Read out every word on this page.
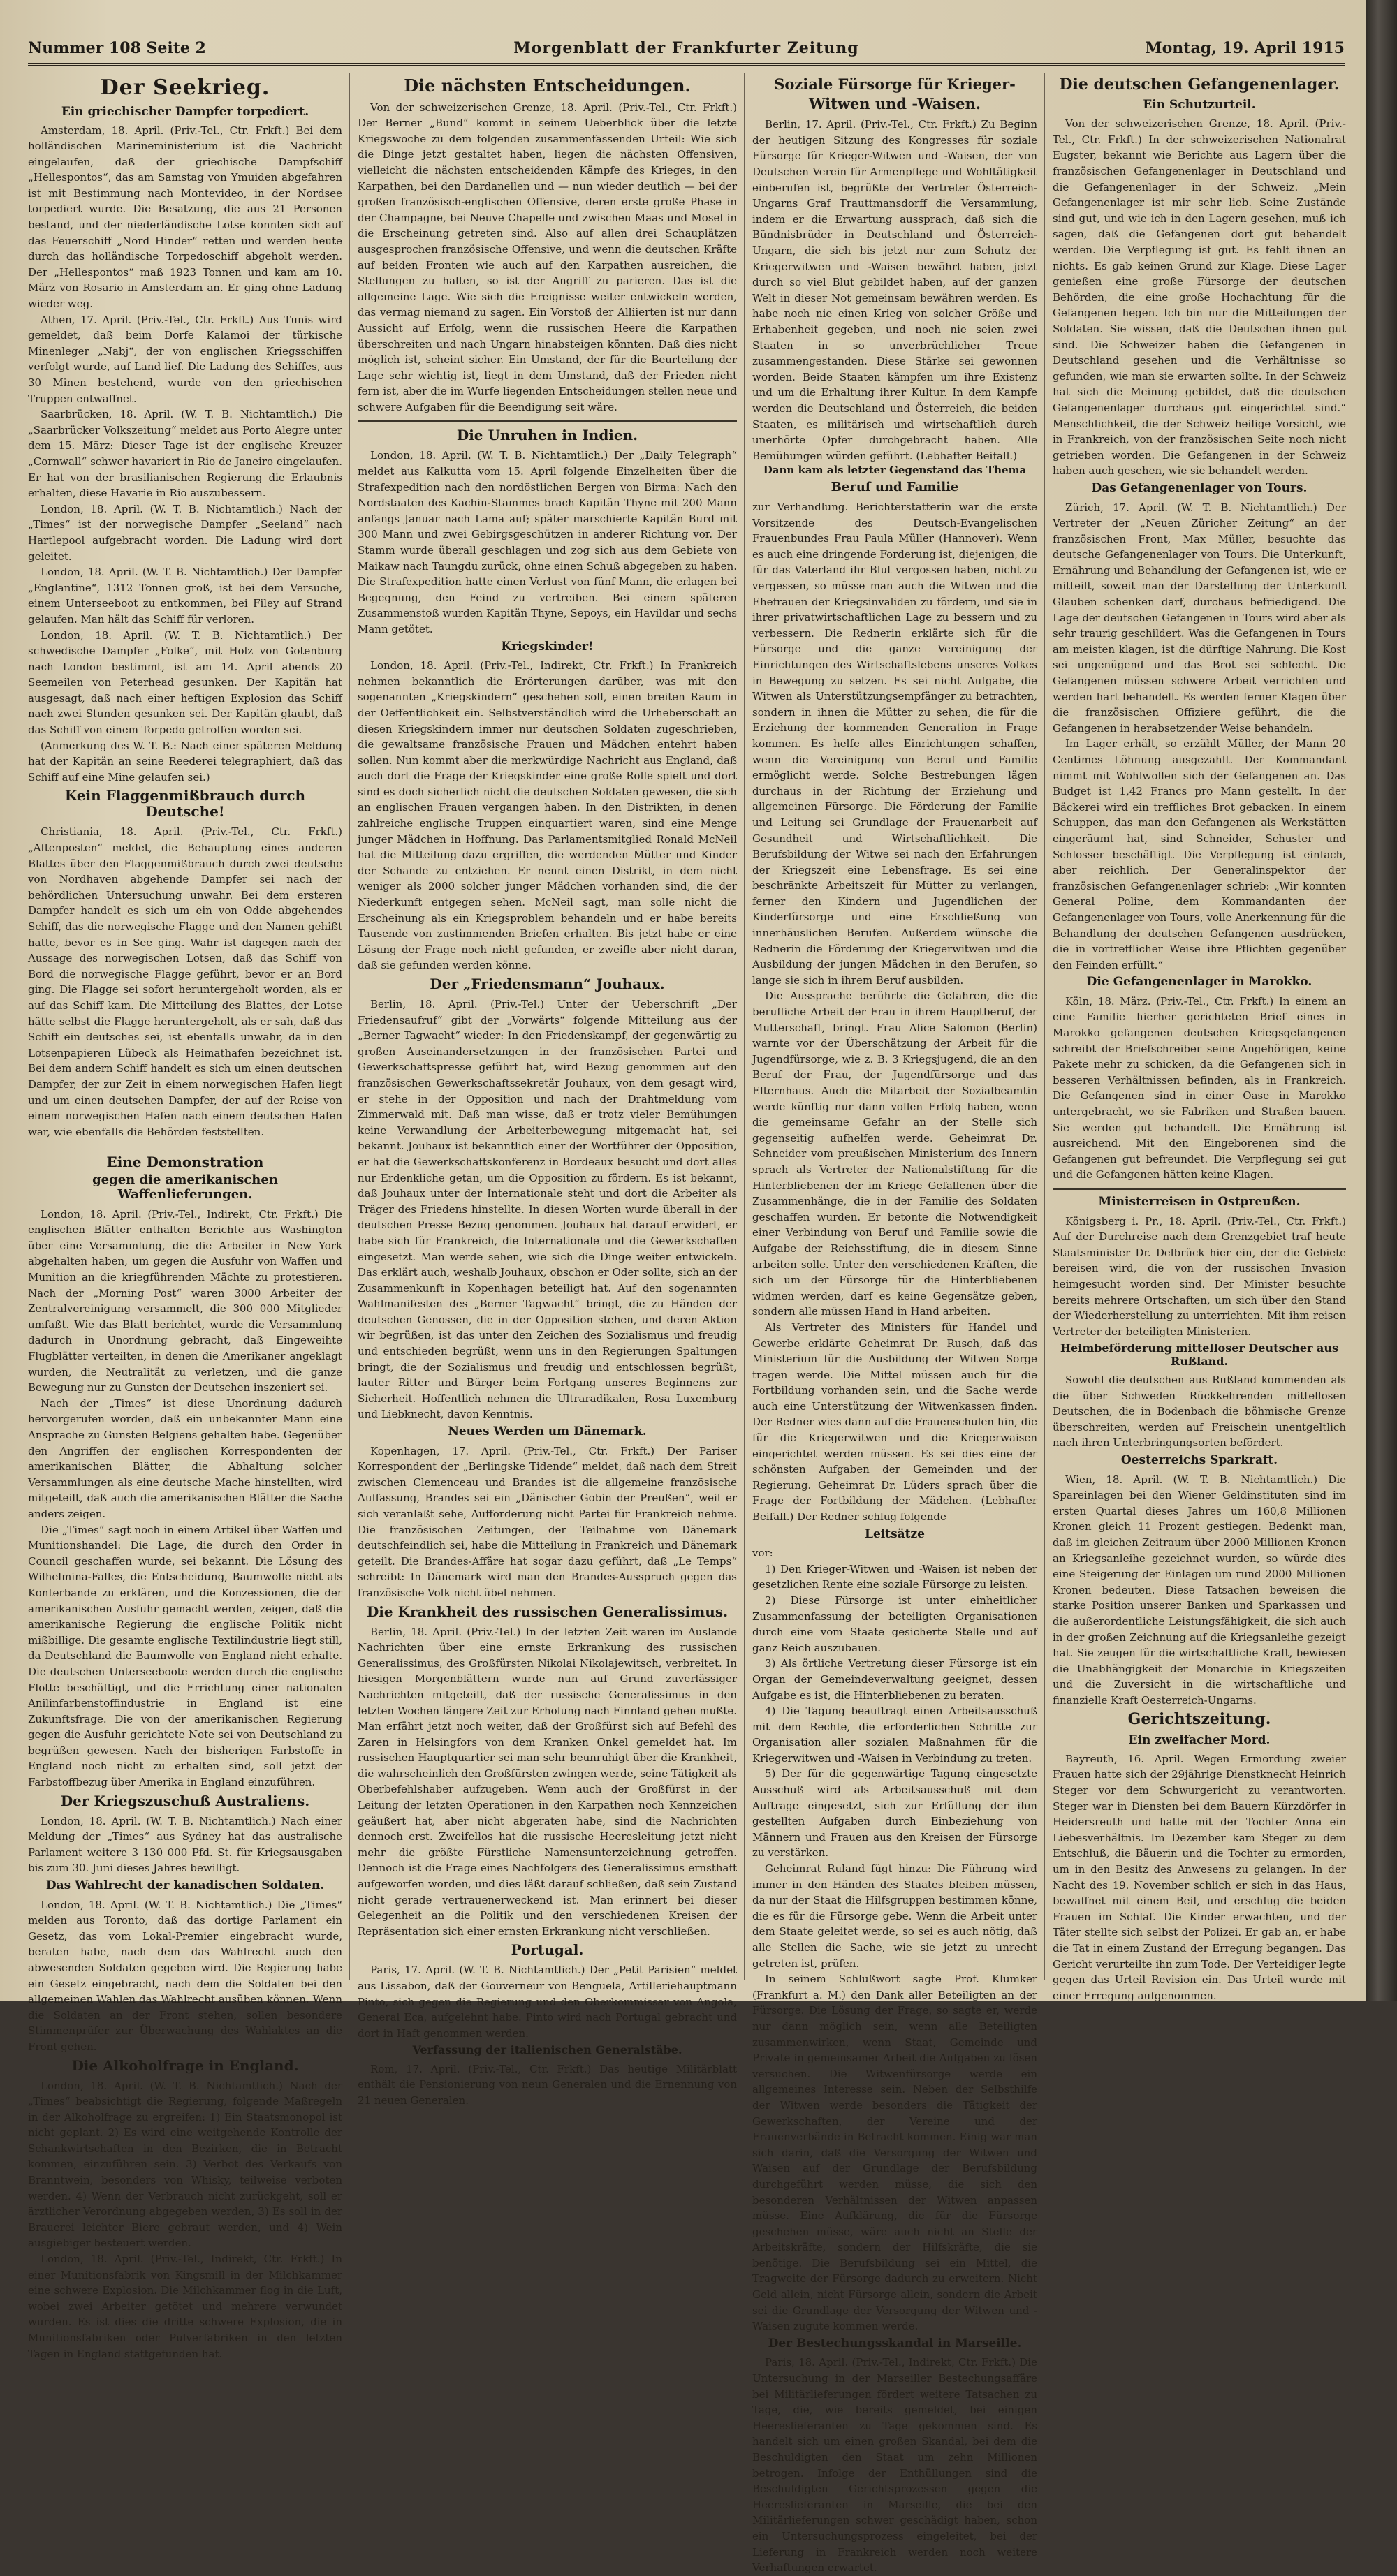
Nummer 108 Seite 2	Morgenblatt der Frankfurter Zeitung	Montag, 19. April 1915
Der Seekrieg.
Ein griechischer Dampfer torpediert.

Amsterdam, 18. April. (Priv.-Tel., Ctr. Frkft.) Bei dem holländischen Marineministerium ist die Nachricht eingelaufen, daß der griechische Dampfschiff „Hellespontos“, das am Samstag von Ymuiden abgefahren ist mit Bestimmung nach Montevideo, in der Nordsee torpediert wurde. Die Besatzung, die aus 21 Personen bestand, und der niederländische Lotse konnten sich auf das Feuerschiff „Nord Hinder“ retten und werden heute durch das holländische Torpedoschiff abgeholt werden. Der „Hellespontos“ maß 1923 Tonnen und kam am 10. März von Rosario in Amsterdam an. Er ging ohne Ladung wieder weg.

Athen, 17. April. (Priv.-Tel., Ctr. Frkft.) Aus Tunis wird gemeldet, daß beim Dorfe Kalamoi der türkische Minenleger „Nabj“, der von englischen Kriegsschiffen verfolgt wurde, auf Land lief. Die Ladung des Schiffes, aus 30 Minen bestehend, wurde von den griechischen Truppen entwaffnet.

Saarbrücken, 18. April. (W. T. B. Nichtamtlich.) Die „Saarbrücker Volkszeitung“ meldet aus Porto Alegre unter dem 15. März: Dieser Tage ist der englische Kreuzer „Cornwall“ schwer havariert in Rio de Janeiro eingelaufen. Er hat von der brasilianischen Regierung die Erlaubnis erhalten, diese Havarie in Rio auszubessern.

London, 18. April. (W. T. B. Nichtamtlich.) Nach der „Times“ ist der norwegische Dampfer „Seeland“ nach Hartlepool aufgebracht worden. Die Ladung wird dort geleitet.

London, 18. April. (W. T. B. Nichtamtlich.) Der Dampfer „Englantine“, 1312 Tonnen groß, ist bei dem Versuche, einem Unterseeboot zu entkommen, bei Filey auf Strand gelaufen. Man hält das Schiff für verloren.

London, 18. April. (W. T. B. Nichtamtlich.) Der schwedische Dampfer „Folke“, mit Holz von Gotenburg nach London bestimmt, ist am 14. April abends 20 Seemeilen von Peterhead gesunken. Der Kapitän hat ausgesagt, daß nach einer heftigen Explosion das Schiff nach zwei Stunden gesunken sei. Der Kapitän glaubt, daß das Schiff von einem Torpedo getroffen worden sei.

(Anmerkung des W. T. B.: Nach einer späteren Meldung hat der Kapitän an seine Reederei telegraphiert, daß das Schiff auf eine Mine gelaufen sei.)

Kein Flaggenmißbrauch durch Deutsche!

Christiania, 18. April. (Priv.-Tel., Ctr. Frkft.) „Aftenposten“ meldet, die Behauptung eines anderen Blattes über den Flaggenmißbrauch durch zwei deutsche von Nordhaven abgehende Dampfer sei nach der behördlichen Untersuchung unwahr. Bei dem ersteren Dampfer handelt es sich um ein von Odde abgehendes Schiff, das die norwegische Flagge und den Namen gehißt hatte, bevor es in See ging. Wahr ist dagegen nach der Aussage des norwegischen Lotsen, daß das Schiff von Bord die norwegische Flagge geführt, bevor er an Bord ging. Die Flagge sei sofort heruntergeholt worden, als er auf das Schiff kam. Die Mitteilung des Blattes, der Lotse hätte selbst die Flagge heruntergeholt, als er sah, daß das Schiff ein deutsches sei, ist ebenfalls unwahr, da in den Lotsenpapieren Lübeck als Heimathafen bezeichnet ist. Bei dem andern Schiff handelt es sich um einen deutschen Dampfer, der zur Zeit in einem norwegischen Hafen liegt und um einen deutschen Dampfer, der auf der Reise von einem norwegischen Hafen nach einem deutschen Hafen war, wie ebenfalls die Behörden feststellten.

Eine Demonstration
gegen die amerikanischen Waffenlieferungen.

London, 18. April. (Priv.-Tel., Indirekt, Ctr. Frkft.) Die englischen Blätter enthalten Berichte aus Washington über eine Versammlung, die die Arbeiter in New York abgehalten haben, um gegen die Ausfuhr von Waffen und Munition an die kriegführenden Mächte zu protestieren. Nach der „Morning Post“ waren 3000 Arbeiter der Zentralvereinigung versammelt, die 300 000 Mitglieder umfaßt. Wie das Blatt berichtet, wurde die Versammlung dadurch in Unordnung gebracht, daß Eingeweihte Flugblätter verteilten, in denen die Amerikaner angeklagt wurden, die Neutralität zu verletzen, und die ganze Bewegung nur zu Gunsten der Deutschen inszeniert sei.

Nach der „Times“ ist diese Unordnung dadurch hervorgerufen worden, daß ein unbekannter Mann eine Ansprache zu Gunsten Belgiens gehalten habe. Gegenüber den Angriffen der englischen Korrespondenten der amerikanischen Blätter, die Abhaltung solcher Versammlungen als eine deutsche Mache hinstellten, wird mitgeteilt, daß auch die amerikanischen Blätter die Sache anders zeigen.

Die „Times“ sagt noch in einem Artikel über Waffen und Munitionshandel: Die Lage, die durch den Order in Council geschaffen wurde, sei bekannt. Die Lösung des Wilhelmina-Falles, die Entscheidung, Baumwolle nicht als Konterbande zu erklären, und die Konzessionen, die der amerikanischen Ausfuhr gemacht werden, zeigen, daß die amerikanische Regierung die englische Politik nicht mißbillige. Die gesamte englische Textilindustrie liegt still, da Deutschland die Baumwolle von England nicht erhalte. Die deutschen Unterseeboote werden durch die englische Flotte beschäftigt, und die Errichtung einer nationalen Anilinfarbenstoffindustrie in England ist eine Zukunftsfrage. Die von der amerikanischen Regierung gegen die Ausfuhr gerichtete Note sei von Deutschland zu begrüßen gewesen. Nach der bisherigen Farbstoffe in England noch nicht zu erhalten sind, soll jetzt der Farbstoffbezug über Amerika in England einzuführen.

Der Kriegszuschuß Australiens.

London, 18. April. (W. T. B. Nichtamtlich.) Nach einer Meldung der „Times“ aus Sydney hat das australische Parlament weitere 3 130 000 Pfd. St. für Kriegsausgaben bis zum 30. Juni dieses Jahres bewilligt.

Das Wahlrecht der kanadischen Soldaten.

London, 18. April. (W. T. B. Nichtamtlich.) Die „Times“ melden aus Toronto, daß das dortige Parlament ein Gesetz, das vom Lokal-Premier eingebracht wurde, beraten habe, nach dem das Wahlrecht auch den abwesenden Soldaten gegeben wird. Die Regierung habe ein Gesetz eingebracht, nach dem die Soldaten bei den allgemeinen Wahlen das Wahlrecht ausüben können. Wenn die Soldaten an der Front stehen, sollen besondere Stimmenprüfer zur Überwachung des Wahlaktes an die Front gehen.

Die Alkoholfrage in England.

London, 18. April. (W. T. B. Nichtamtlich.) Nach der „Times“ beabsichtigt die Regierung, folgende Maßregeln in der Alkoholfrage zu ergreifen: 1) Ein Staatsmonopol ist nicht geplant. 2) Es wird eine weitgehende Kontrolle der Schankwirtschaften in den Bezirken, die in Betracht kommen, einzuführen sein. 3) Verbot des Verkaufs von Branntwein, besonders von Whisky, teilweise verboten werden. 4) Wenn der Verbrauch nicht zurückgeht, soll er ärztlicher Verordnung abgegeben werden, 3) Es soll in der Brauerei leichter Biere gebraut werden, und 4) Wein ausgiebiger besteuert werden.

London, 18. April. (Priv.-Tel., Indirekt, Ctr. Frkft.) In einer Munitionsfabrik von Kingsmill in der Milchkammer eine schwere Explosion. Die Milchkammer flog in die Luft, wobei zwei Arbeiter getötet und mehrere verwundet wurden. Es ist dies die dritte schwere Explosion, die in Munitionsfabriken oder Pulverfabriken in den letzten Tagen in England stattgefunden hat.

Die nächsten Entscheidungen.

Von der schweizerischen Grenze, 18. April. (Priv.-Tel., Ctr. Frkft.) Der Berner „Bund“ kommt in seinem Ueberblick über die letzte Kriegswoche zu dem folgenden zusammenfassenden Urteil: Wie sich die Dinge jetzt gestaltet haben, liegen die nächsten Offensiven, vielleicht die nächsten entscheidenden Kämpfe des Krieges, in den Karpathen, bei den Dardanellen und — nun wieder deutlich — bei der großen französisch-englischen Offensive, deren erste große Phase in der Champagne, bei Neuve Chapelle und zwischen Maas und Mosel in die Erscheinung getreten sind. Also auf allen drei Schauplätzen ausgesprochen französische Offensive, und wenn die deutschen Kräfte auf beiden Fronten wie auch auf den Karpathen ausreichen, die Stellungen zu halten, so ist der Angriff zu parieren. Das ist die allgemeine Lage. Wie sich die Ereignisse weiter entwickeln werden, das vermag niemand zu sagen. Ein Vorstoß der Alliierten ist nur dann Aussicht auf Erfolg, wenn die russischen Heere die Karpathen überschreiten und nach Ungarn hinabsteigen könnten. Daß dies nicht möglich ist, scheint sicher. Ein Umstand, der für die Beurteilung der Lage sehr wichtig ist, liegt in dem Umstand, daß der Frieden nicht fern ist, aber die im Wurfe liegenden Entscheidungen stellen neue und schwere Aufgaben für die Beendigung seit wäre.

Die Unruhen in Indien.

London, 18. April. (W. T. B. Nichtamtlich.) Der „Daily Telegraph“ meldet aus Kalkutta vom 15. April folgende Einzelheiten über die Strafexpedition nach den nordöstlichen Bergen von Birma: Nach den Nordstaaten des Kachin-Stammes brach Kapitän Thyne mit 200 Mann anfangs Januar nach Lama auf; später marschierte Kapitän Burd mit 300 Mann und zwei Gebirgsgeschützen in anderer Richtung vor. Der Stamm wurde überall geschlagen und zog sich aus dem Gebiete von Maikaw nach Taungdu zurück, ohne einen Schuß abgegeben zu haben. Die Strafexpedition hatte einen Verlust von fünf Mann, die erlagen bei Begegnung, den Feind zu vertreiben. Bei einem späteren Zusammenstoß wurden Kapitän Thyne, Sepoys, ein Havildar und sechs Mann getötet.

Kriegskinder!

London, 18. April. (Priv.-Tel., Indirekt, Ctr. Frkft.) In Frankreich nehmen bekanntlich die Erörterungen darüber, was mit den sogenannten „Kriegskindern“ geschehen soll, einen breiten Raum in der Oeffentlichkeit ein. Selbstverständlich wird die Urheberschaft an diesen Kriegskindern immer nur deutschen Soldaten zugeschrieben, die gewaltsame französische Frauen und Mädchen entehrt haben sollen. Nun kommt aber die merkwürdige Nachricht aus England, daß auch dort die Frage der Kriegskinder eine große Rolle spielt und dort sind es doch sicherlich nicht die deutschen Soldaten gewesen, die sich an englischen Frauen vergangen haben. In den Distrikten, in denen zahlreiche englische Truppen einquartiert waren, sind eine Menge junger Mädchen in Hoffnung. Das Parlamentsmitglied Ronald McNeil hat die Mitteilung dazu ergriffen, die werdenden Mütter und Kinder der Schande zu entziehen. Er nennt einen Distrikt, in dem nicht weniger als 2000 solcher junger Mädchen vorhanden sind, die der Niederkunft entgegen sehen. McNeil sagt, man solle nicht die Erscheinung als ein Kriegsproblem behandeln und er habe bereits Tausende von zustimmenden Briefen erhalten. Bis jetzt habe er eine Lösung der Frage noch nicht gefunden, er zweifle aber nicht daran, daß sie gefunden werden könne.

Der „Friedensmann“ Jouhaux.

Berlin, 18. April. (Priv.-Tel.) Unter der Ueberschrift „Der Friedensaufruf“ gibt der „Vorwärts“ folgende Mitteilung aus der „Berner Tagwacht“ wieder: In den Friedenskampf, der gegenwärtig zu großen Auseinandersetzungen in der französischen Partei und Gewerkschaftspresse geführt hat, wird Bezug genommen auf den französischen Gewerkschaftssekretär Jouhaux, von dem gesagt wird, er stehe in der Opposition und nach der Drahtmeldung vom Zimmerwald mit. Daß man wisse, daß er trotz vieler Bemühungen keine Verwandlung der Arbeiterbewegung mitgemacht hat, sei bekannt. Jouhaux ist bekanntlich einer der Wortführer der Opposition, er hat die Gewerkschaftskonferenz in Bordeaux besucht und dort alles nur Erdenkliche getan, um die Opposition zu fördern. Es ist bekannt, daß Jouhaux unter der Internationale steht und dort die Arbeiter als Träger des Friedens hinstellte. In diesen Worten wurde überall in der deutschen Presse Bezug genommen. Jouhaux hat darauf erwidert, er habe sich für Frankreich, die Internationale und die Gewerkschaften eingesetzt. Man werde sehen, wie sich die Dinge weiter entwickeln. Das erklärt auch, weshalb Jouhaux, obschon er Oder sollte, sich an der Zusammenkunft in Kopenhagen beteiligt hat. Auf den sogenannten Wahlmanifesten des „Berner Tagwacht“ bringt, die zu Händen der deutschen Genossen, die in der Opposition stehen, und deren Aktion wir begrüßen, ist das unter den Zeichen des Sozialismus und freudig und entschieden begrüßt, wenn uns in den Regierungen Spaltungen bringt, die der Sozialismus und freudig und entschlossen begrüßt, lauter Ritter und Bürger beim Fortgang unseres Beginnens zur Sicherheit. Hoffentlich nehmen die Ultraradikalen, Rosa Luxemburg und Liebknecht, davon Kenntnis.

Neues Werden um Dänemark.

Kopenhagen, 17. April. (Priv.-Tel., Ctr. Frkft.) Der Pariser Korrespondent der „Berlingske Tidende“ meldet, daß nach dem Streit zwischen Clemenceau und Brandes ist die allgemeine französische Auffassung, Brandes sei ein „Dänischer Gobin der Preußen“, weil er sich veranlaßt sehe, Aufforderung nicht Partei für Frankreich nehme. Die französischen Zeitungen, der Teilnahme von Dänemark deutschfeindlich sei, habe die Mitteilung in Frankreich und Dänemark geteilt. Die Brandes-Affäre hat sogar dazu geführt, daß „Le Temps“ schreibt: In Dänemark wird man den Brandes-Ausspruch gegen das französische Volk nicht übel nehmen.

Die Krankheit des russischen Generalissimus.

Berlin, 18. April. (Priv.-Tel.) In der letzten Zeit waren im Auslande Nachrichten über eine ernste Erkrankung des russischen Generalissimus, des Großfürsten Nikolai Nikolajewitsch, verbreitet. In hiesigen Morgenblättern wurde nun auf Grund zuverlässiger Nachrichten mitgeteilt, daß der russische Generalissimus in den letzten Wochen längere Zeit zur Erholung nach Finnland gehen mußte. Man erfährt jetzt noch weiter, daß der Großfürst sich auf Befehl des Zaren in Helsingfors von dem Kranken Onkel gemeldet hat. Im russischen Hauptquartier sei man sehr beunruhigt über die Krankheit, die wahrscheinlich den Großfürsten zwingen werde, seine Tätigkeit als Oberbefehlshaber aufzugeben. Wenn auch der Großfürst in der Leitung der letzten Operationen in den Karpathen noch Kennzeichen geäußert hat, aber nicht abgeraten habe, sind die Nachrichten dennoch erst. Zweifellos hat die russische Heeresleitung jetzt nicht mehr die größte Fürstliche Namensunterzeichnung getroffen. Dennoch ist die Frage eines Nachfolgers des Generalissimus ernsthaft aufgeworfen worden, und dies läßt darauf schließen, daß sein Zustand nicht gerade vertrauenerweckend ist. Man erinnert bei dieser Gelegenheit an die Politik und den verschiedenen Kreisen der Repräsentation sich einer ernsten Erkrankung nicht verschließen.

Portugal.

Paris, 17. April. (W. T. B. Nichtamtlich.) Der „Petit Parisien“ meldet aus Lissabon, daß der Gouverneur von Benguela, Artilleriehauptmann Pinto, sich gegen die Regierung und den Oberkommissar von Angola, General Eca, aufgelehnt habe. Pinto wird nach Portugal gebracht und dort in Haft genommen werden.

Verfassung der italienischen Generalstäbe.

Rom, 17. April. (Priv.-Tel., Ctr. Frkft.) Das heutige Militärblatt enthält die Pensionierung von neun Generalen und die Ernennung von 21 neuen Generalen.

Soziale Fürsorge für Krieger-
Witwen und -Waisen.

Berlin, 17. April. (Priv.-Tel., Ctr. Frkft.) Zu Beginn der heutigen Sitzung des Kongresses für soziale Fürsorge für Krieger-Witwen und -Waisen, der von Deutschen Verein für Armenpflege und Wohltätigkeit einberufen ist, begrüßte der Vertreter Österreich-Ungarns Graf Trauttmansdorff die Versammlung, indem er die Erwartung aussprach, daß sich die Bündnisbrüder in Deutschland und Österreich-Ungarn, die sich bis jetzt nur zum Schutz der Kriegerwitwen und -Waisen bewährt haben, jetzt durch so viel Blut gebildet haben, auf der ganzen Welt in dieser Not gemeinsam bewähren werden. Es habe noch nie einen Krieg von solcher Größe und Erhabenheit gegeben, und noch nie seien zwei Staaten in so unverbrüchlicher Treue zusammengestanden. Diese Stärke sei gewonnen worden. Beide Staaten kämpfen um ihre Existenz und um die Erhaltung ihrer Kultur. In dem Kampfe werden die Deutschland und Österreich, die beiden Staaten, es militärisch und wirtschaftlich durch unerhörte Opfer durchgebracht haben. Alle Bemühungen würden geführt. (Lebhafter Beifall.)

Dann kam als letzter Gegenstand das Thema

Beruf und Familie

zur Verhandlung. Berichterstatterin war die erste Vorsitzende des Deutsch-Evangelischen Frauenbundes Frau Paula Müller (Hannover). Wenn es auch eine dringende Forderung ist, diejenigen, die für das Vaterland ihr Blut vergossen haben, nicht zu vergessen, so müsse man auch die Witwen und die Ehefrauen der Kriegsinvaliden zu fördern, und sie in ihrer privatwirtschaftlichen Lage zu bessern und zu verbessern. Die Rednerin erklärte sich für die Fürsorge und die ganze Vereinigung der Einrichtungen des Wirtschaftslebens unseres Volkes in Bewegung zu setzen. Es sei nicht Aufgabe, die Witwen als Unterstützungsempfänger zu betrachten, sondern in ihnen die Mütter zu sehen, die für die Erziehung der kommenden Generation in Frage kommen. Es helfe alles Einrichtungen schaffen, wenn die Vereinigung von Beruf und Familie ermöglicht werde. Solche Bestrebungen lägen durchaus in der Richtung der Erziehung und allgemeinen Fürsorge. Die Förderung der Familie und Leitung sei Grundlage der Frauenarbeit auf Gesundheit und Wirtschaftlichkeit. Die Berufsbildung der Witwe sei nach den Erfahrungen der Kriegszeit eine Lebensfrage. Es sei eine beschränkte Arbeitszeit für Mütter zu verlangen, ferner den Kindern und Jugendlichen der Kinderfürsorge und eine Erschließung von innerhäuslichen Berufen. Außerdem wünsche die Rednerin die Förderung der Kriegerwitwen und die Ausbildung der jungen Mädchen in den Berufen, so lange sie sich in ihrem Beruf ausbilden.

Die Aussprache berührte die Gefahren, die die berufliche Arbeit der Frau in ihrem Hauptberuf, der Mutterschaft, bringt. Frau Alice Salomon (Berlin) warnte vor der Überschätzung der Arbeit für die Jugendfürsorge, wie z. B. 3 Kriegsjugend, die an den Beruf der Frau, der Jugendfürsorge und das Elternhaus. Auch die Mitarbeit der Sozialbeamtin werde künftig nur dann vollen Erfolg haben, wenn die gemeinsame Gefahr an der Stelle sich gegenseitig aufhelfen werde. Geheimrat Dr. Schneider vom preußischen Ministerium des Innern sprach als Vertreter der Nationalstiftung für die Hinterbliebenen der im Kriege Gefallenen über die Zusammenhänge, die in der Familie des Soldaten geschaffen wurden. Er betonte die Notwendigkeit einer Verbindung von Beruf und Familie sowie die Aufgabe der Reichsstiftung, die in diesem Sinne arbeiten solle. Unter den verschiedenen Kräften, die sich um der Fürsorge für die Hinterbliebenen widmen werden, darf es keine Gegensätze geben, sondern alle müssen Hand in Hand arbeiten.

Als Vertreter des Ministers für Handel und Gewerbe erklärte Geheimrat Dr. Rusch, daß das Ministerium für die Ausbildung der Witwen Sorge tragen werde. Die Mittel müssen auch für die Fortbildung vorhanden sein, und die Sache werde auch eine Unterstützung der Witwenkassen finden. Der Redner wies dann auf die Frauenschulen hin, die für die Kriegerwitwen und die Kriegerwaisen eingerichtet werden müssen. Es sei dies eine der schönsten Aufgaben der Gemeinden und der Regierung. Geheimrat Dr. Lüders sprach über die Frage der Fortbildung der Mädchen. (Lebhafter Beifall.) Der Redner schlug folgende

Leitsätze

vor:

1) Den Krieger-Witwen und -Waisen ist neben der gesetzlichen Rente eine soziale Fürsorge zu leisten.

2) Diese Fürsorge ist unter einheitlicher Zusammenfassung der beteiligten Organisationen durch eine vom Staate gesicherte Stelle und auf ganz Reich auszubauen.

3) Als örtliche Vertretung dieser Fürsorge ist ein Organ der Gemeindeverwaltung geeignet, dessen Aufgabe es ist, die Hinterbliebenen zu beraten.

4) Die Tagung beauftragt einen Arbeitsausschuß mit dem Rechte, die erforderlichen Schritte zur Organisation aller sozialen Maßnahmen für die Kriegerwitwen und -Waisen in Verbindung zu treten.

5) Der für die gegenwärtige Tagung eingesetzte Ausschuß wird als Arbeitsausschuß mit dem Auftrage eingesetzt, sich zur Erfüllung der ihm gestellten Aufgaben durch Einbeziehung von Männern und Frauen aus den Kreisen der Fürsorge zu verstärken.

Geheimrat Ruland fügt hinzu: Die Führung wird immer in den Händen des Staates bleiben müssen, da nur der Staat die Hilfsgruppen bestimmen könne, die es für die Fürsorge gebe. Wenn die Arbeit unter dem Staate geleitet werde, so sei es auch nötig, daß alle Stellen die Sache, wie sie jetzt zu unrecht getreten ist, prüfen.

In seinem Schlußwort sagte Prof. Klumker (Frankfurt a. M.) den Dank aller Beteiligten an der Fürsorge. Die Lösung der Frage, so sagte er, werde nur dann möglich sein, wenn alle Beteiligten zusammenwirken, wenn Staat, Gemeinde und Private in gemeinsamer Arbeit die Aufgaben zu lösen versuchen. Die Witwenfürsorge werde ein allgemeines Interesse sein. Neben der Selbsthilfe der Witwen werde besonders die Tätigkeit der Gewerkschaften, der Vereine und der Frauenverbände in Betracht kommen. Einig war man sich darin, daß die Versorgung der Witwen und Waisen auf der Grundlage der Berufsbildung durchgeführt werden müsse, die sich den besonderen Verhältnissen der Witwen anpassen müsse. Eine Aufklärung, die für die Fürsorge geschehen müsse, wäre auch nicht an Stelle der Arbeitskräfte, sondern der Hilfskräfte, die sie benötige. Die Berufsbildung sei ein Mittel, die Tragweite der Fürsorge dadurch zu erweitern. Nicht Geld allein, nicht Fürsorge allein, sondern die Arbeit sei die Grundlage der Versorgung der Witwen und -Waisen zugute kommen werde.

Der Bestechungsskandal in Marseille.

Paris, 18. April. (Priv.-Tel., Indirekt, Ctr. Frkft.) Die Untersuchung in der Marseiller Bestechungsaffäre bei Militärlieferungen fördert weitere Tatsachen zu Tage, die, wie bereits gemeldet, bei einigen Heereslieferanten zu Tage gekommen sind. Es handelt sich um einen großen Skandal, bei dem die Beschuldigten den Staat um zehn Millionen betrogen. Infolge der Enthüllungen sind die Beschuldigten Gerichtsprozessen gegen die Heereslieferanten in Marseille, die bei den Militärlieferungen schwer geschädigt haben, schon ein Untersuchungsprozess eingeleitet, bei der Lieferung in Frankreich werden noch weitere Verhaftungen erwartet.

Die deutschen Gefangenenlager.
Ein Schutzurteil.

Von der schweizerischen Grenze, 18. April. (Priv.-Tel., Ctr. Frkft.) In der schweizerischen Nationalrat Eugster, bekannt wie Berichte aus Lagern über die französischen Gefangenenlager in Deutschland und die Gefangenenlager in der Schweiz. „Mein Gefangenenlager ist mir sehr lieb. Seine Zustände sind gut, und wie ich in den Lagern gesehen, muß ich sagen, daß die Gefangenen dort gut behandelt werden. Die Verpflegung ist gut. Es fehlt ihnen an nichts. Es gab keinen Grund zur Klage. Diese Lager genießen eine große Fürsorge der deutschen Behörden, die eine große Hochachtung für die Gefangenen hegen. Ich bin nur die Mitteilungen der Soldaten. Sie wissen, daß die Deutschen ihnen gut sind. Die Schweizer haben die Gefangenen in Deutschland gesehen und die Verhältnisse so gefunden, wie man sie erwarten sollte. In der Schweiz hat sich die Meinung gebildet, daß die deutschen Gefangenenlager durchaus gut eingerichtet sind.“ Menschlichkeit, die der Schweiz heilige Vorsicht, wie in Frankreich, von der französischen Seite noch nicht getrieben worden. Die Gefangenen in der Schweiz haben auch gesehen, wie sie behandelt werden.

Das Gefangenenlager von Tours.

Zürich, 17. April. (W. T. B. Nichtamtlich.) Der Vertreter der „Neuen Züricher Zeitung“ an der französischen Front, Max Müller, besuchte das deutsche Gefangenenlager von Tours. Die Unterkunft, Ernährung und Behandlung der Gefangenen ist, wie er mitteilt, soweit man der Darstellung der Unterkunft Glauben schenken darf, durchaus befriedigend. Die Lage der deutschen Gefangenen in Tours wird aber als sehr traurig geschildert. Was die Gefangenen in Tours am meisten klagen, ist die dürftige Nahrung. Die Kost sei ungenügend und das Brot sei schlecht. Die Gefangenen müssen schwere Arbeit verrichten und werden hart behandelt. Es werden ferner Klagen über die französischen Offiziere geführt, die die Gefangenen in herabsetzender Weise behandeln.

Im Lager erhält, so erzählt Müller, der Mann 20 Centimes Löhnung ausgezahlt. Der Kommandant nimmt mit Wohlwollen sich der Gefangenen an. Das Budget ist 1,42 Francs pro Mann gestellt. In der Bäckerei wird ein treffliches Brot gebacken. In einem Schuppen, das man den Gefangenen als Werkstätten eingeräumt hat, sind Schneider, Schuster und Schlosser beschäftigt. Die Verpflegung ist einfach, aber reichlich. Der Generalinspektor der französischen Gefangenenlager schrieb: „Wir konnten General Poline, dem Kommandanten der Gefangenenlager von Tours, volle Anerkennung für die Behandlung der deutschen Gefangenen ausdrücken, die in vortrefflicher Weise ihre Pflichten gegenüber den Feinden erfüllt.“

Die Gefangenenlager in Marokko.

Köln, 18. März. (Priv.-Tel., Ctr. Frkft.) In einem an eine Familie hierher gerichteten Brief eines in Marokko gefangenen deutschen Kriegsgefangenen schreibt der Briefschreiber seine Angehörigen, keine Pakete mehr zu schicken, da die Gefangenen sich in besseren Verhältnissen befinden, als in Frankreich. Die Gefangenen sind in einer Oase in Marokko untergebracht, wo sie Fabriken und Straßen bauen. Sie werden gut behandelt. Die Ernährung ist ausreichend. Mit den Eingeborenen sind die Gefangenen gut befreundet. Die Verpflegung sei gut und die Gefangenen hätten keine Klagen.

Ministerreisen in Ostpreußen.

Königsberg i. Pr., 18. April. (Priv.-Tel., Ctr. Frkft.) Auf der Durchreise nach dem Grenzgebiet traf heute Staatsminister Dr. Delbrück hier ein, der die Gebiete bereisen wird, die von der russischen Invasion heimgesucht worden sind. Der Minister besuchte bereits mehrere Ortschaften, um sich über den Stand der Wiederherstellung zu unterrichten. Mit ihm reisen Vertreter der beteiligten Ministerien.

Heimbeförderung mittelloser Deutscher aus Rußland.

Sowohl die deutschen aus Rußland kommenden als die über Schweden Rückkehrenden mittellosen Deutschen, die in Bodenbach die böhmische Grenze überschreiten, werden auf Freischein unentgeltlich nach ihren Unterbringungsorten befördert.

Oesterreichs Sparkraft.

Wien, 18. April. (W. T. B. Nichtamtlich.) Die Spareinlagen bei den Wiener Geldinstituten sind im ersten Quartal dieses Jahres um 160,8 Millionen Kronen gleich 11 Prozent gestiegen. Bedenkt man, daß im gleichen Zeitraum über 2000 Millionen Kronen an Kriegsanleihe gezeichnet wurden, so würde dies eine Steigerung der Einlagen um rund 2000 Millionen Kronen bedeuten. Diese Tatsachen beweisen die starke Position unserer Banken und Sparkassen und die außerordentliche Leistungsfähigkeit, die sich auch in der großen Zeichnung auf die Kriegsanleihe gezeigt hat. Sie zeugen für die wirtschaftliche Kraft, bewiesen die Unabhängigkeit der Monarchie in Kriegszeiten und die Zuversicht in die wirtschaftliche und finanzielle Kraft Oesterreich-Ungarns.

Gerichtszeitung.
Ein zweifacher Mord.

Bayreuth, 16. April. Wegen Ermordung zweier Frauen hatte sich der 29jährige Dienstknecht Heinrich Steger vor dem Schwurgericht zu verantworten. Steger war in Diensten bei dem Bauern Kürzdörfer in Heidersreuth und hatte mit der Tochter Anna ein Liebesverhältnis. Im Dezember kam Steger zu dem Entschluß, die Bäuerin und die Tochter zu ermorden, um in den Besitz des Anwesens zu gelangen. In der Nacht des 19. November schlich er sich in das Haus, bewaffnet mit einem Beil, und erschlug die beiden Frauen im Schlaf. Die Kinder erwachten, und der Täter stellte sich selbst der Polizei. Er gab an, er habe die Tat in einem Zustand der Erregung begangen. Das Gericht verurteilte ihn zum Tode. Der Verteidiger legte gegen das Urteil Revision ein. Das Urteil wurde mit einer Erregung aufgenommen.
